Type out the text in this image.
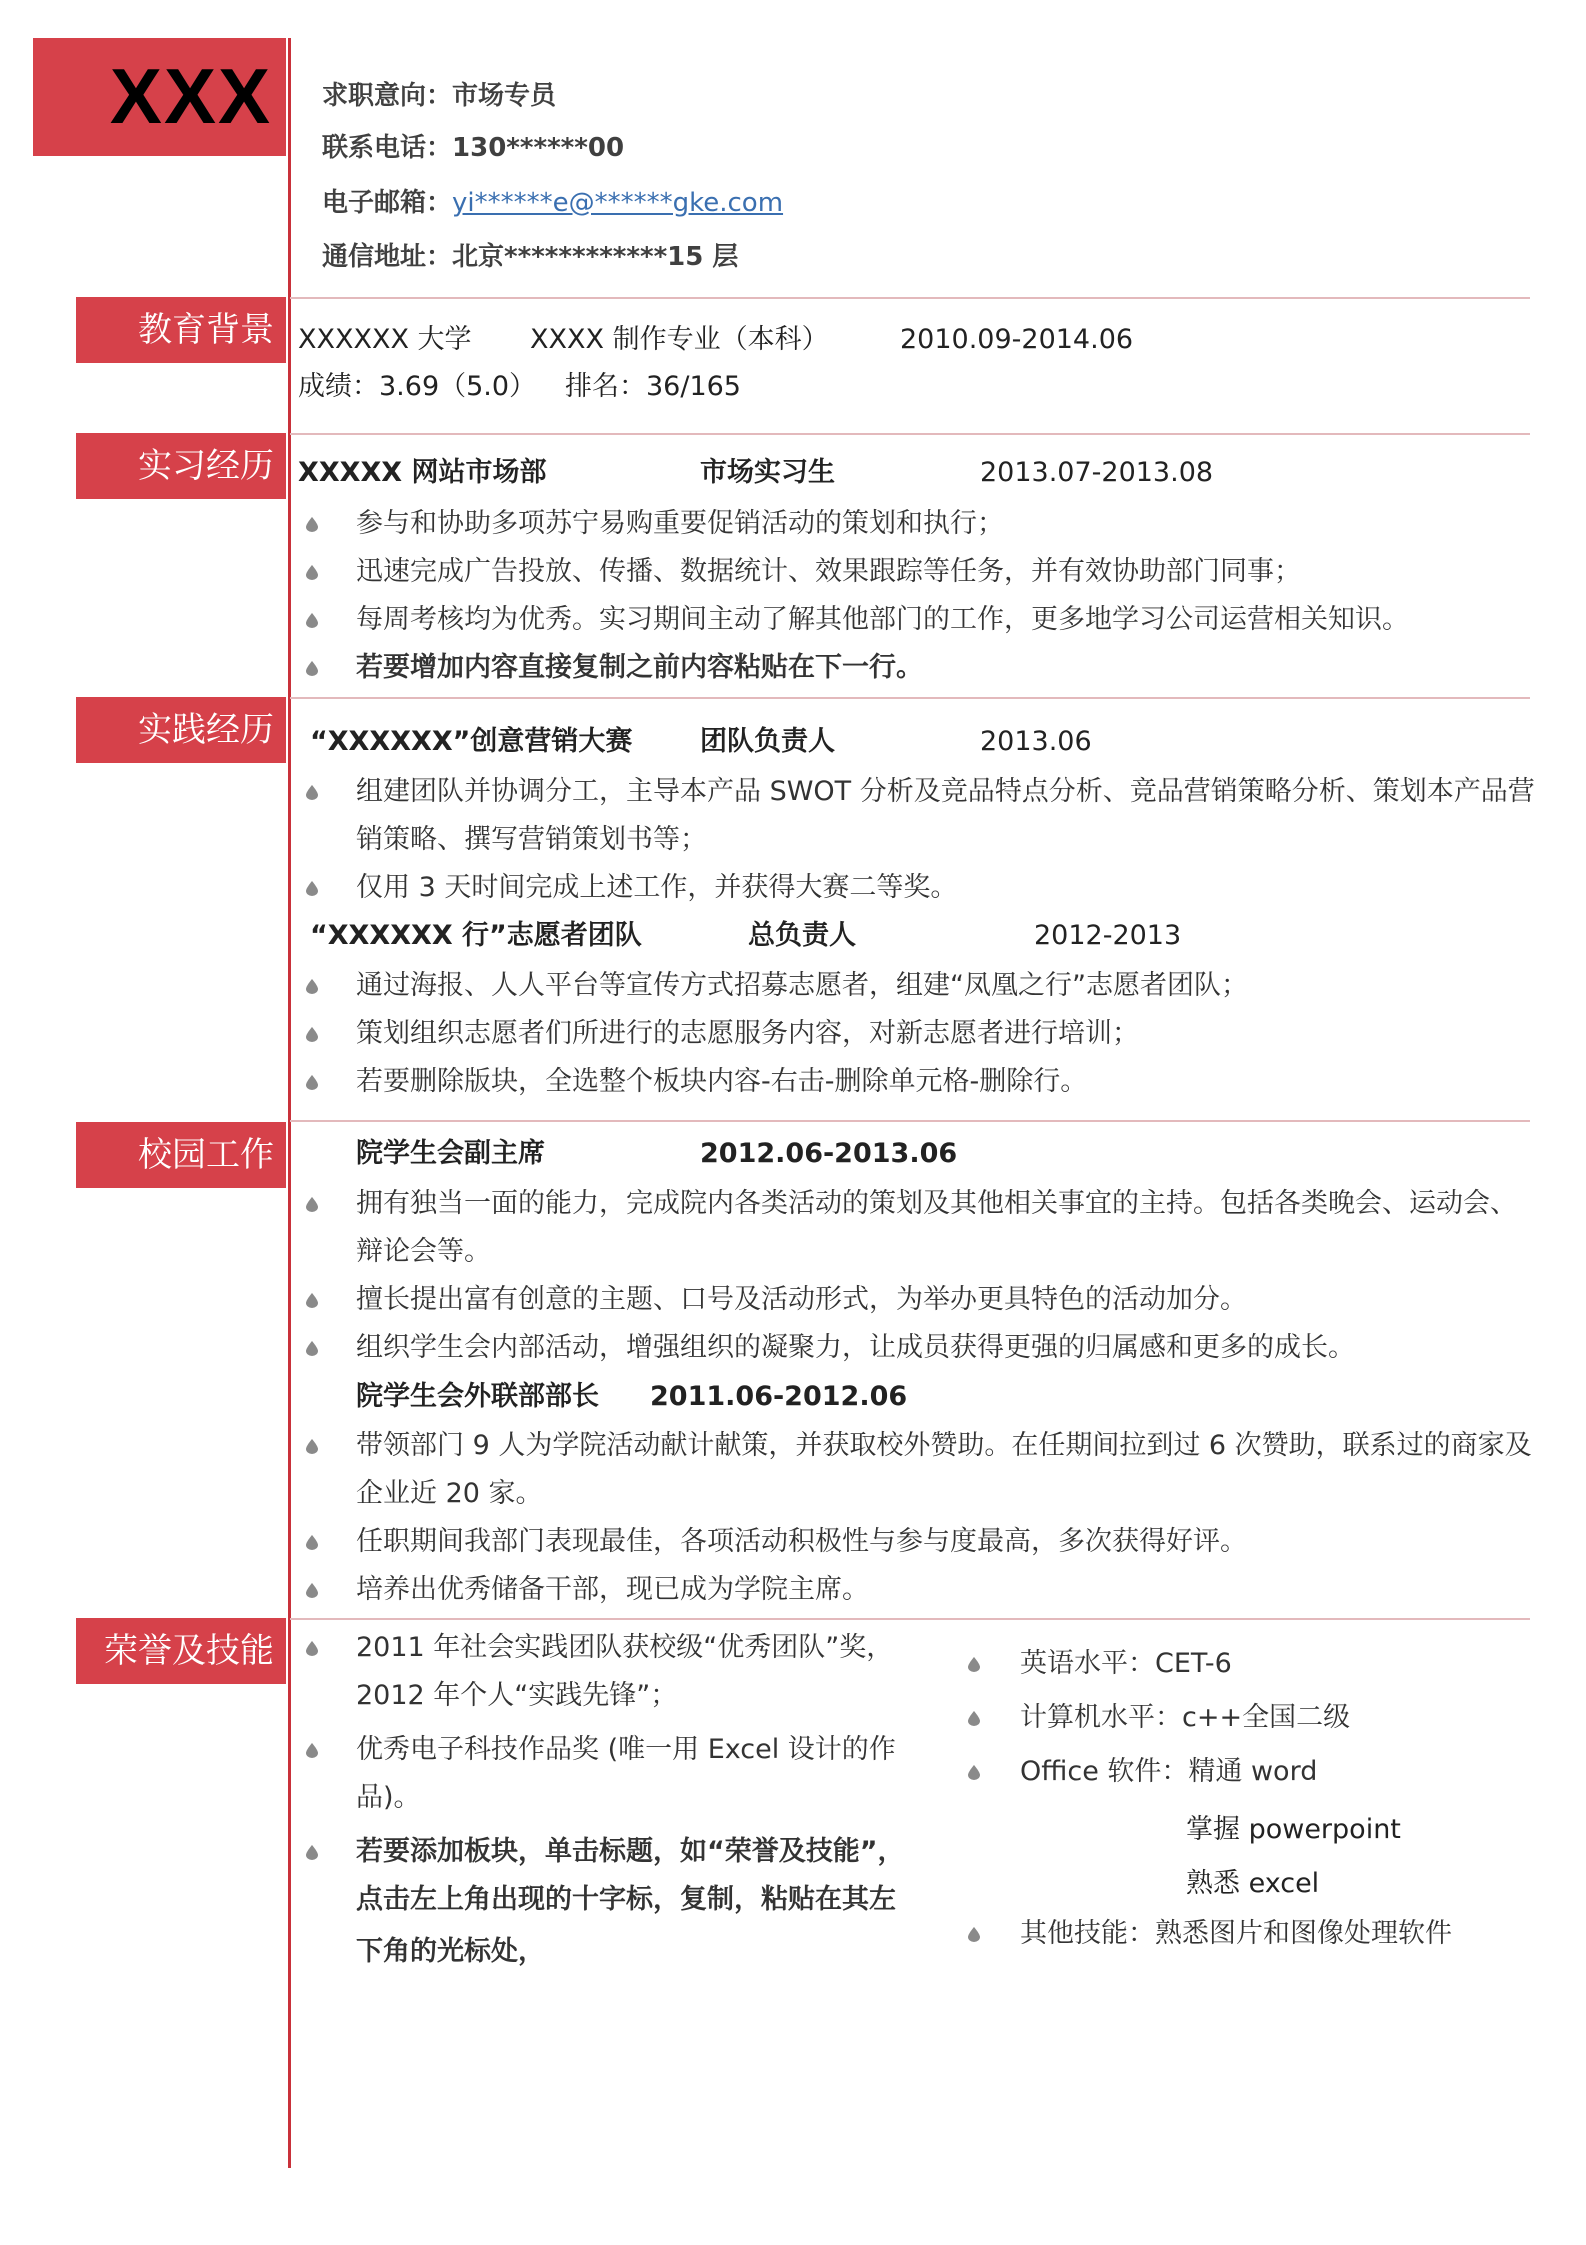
XXX 求职意向：市场专员
联系电话：130******00
电子邮箱：yi******e@******gke.com
通信地址：北京************15 层
教育背景 XXXXXX 大学 XXXX 制作专业（本科）	2010.09-2014.06
成绩：3.69（5.0） 排名：36/165
实习经历 XXXXX 网站市场部	市场实习生	2013.07-2013.08
参与和协助多项苏宁易购重要促销活动的策划和执行；
迅速完成广告投放、传播、数据统计、效果跟踪等任务，并有效协助部门同事；
每周考核均为优秀。实习期间主动了解其他部门的工作，更多地学习公司运营相关知识。
若要增加内容直接复制之前内容粘贴在下一行。
实践经历	“XXXXXX”创意营销大赛	团队负责人	2013.06
组建团队并协调分工，主导本产品 SWOT 分析及竞品特点分析、竞品营销策略分析、策划本产品营
销策略、撰写营销策划书等；
仅用 3 天时间完成上述工作，并获得大赛二等奖。
“XXXXXX 行”志愿者团队	总负责人	2012-2013
通过海报、人人平台等宣传方式招募志愿者，组建“凤凰之行”志愿者团队；
策划组织志愿者们所进行的志愿服务内容，对新志愿者进行培训；
若要删除版块，全选整个板块内容-右击-删除单元格-删除行。
校园工作	院学生会副主席	2012.06-2013.06
拥有独当一面的能力，完成院内各类活动的策划及其他相关事宜的主持。包括各类晚会、运动会、
辩论会等。
擅长提出富有创意的主题、口号及活动形式，为举办更具特色的活动加分。
组织学生会内部活动，增强组织的凝聚力，让成员获得更强的归属感和更多的成长。
院学生会外联部部长 2011.06-2012.06
带领部门 9 人为学院活动献计献策，并获取校外赞助。在任期间拉到过 6 次赞助，联系过的商家及
企业近 20 家。
任职期间我部门表现最佳，各项活动积极性与参与度最高，多次获得好评。
培养出优秀储备干部，现已成为学院主席。
荣誉及技能	2011 年社会实践团队获校级“优秀团队”奖，
2012 年个人“实践先锋”；
优秀电子科技作品奖 (唯一用 Excel 设计的作
品)。
若要添加板块，单击标题，如“荣誉及技能”，
点击左上角出现的十字标，复制，粘贴在其左
下角的光标处，
英语水平：CET-6
计算机水平：c++全国二级
Office 软件：精通 word
掌握 powerpoint
熟悉 excel
其他技能：熟悉图片和图像处理软件
